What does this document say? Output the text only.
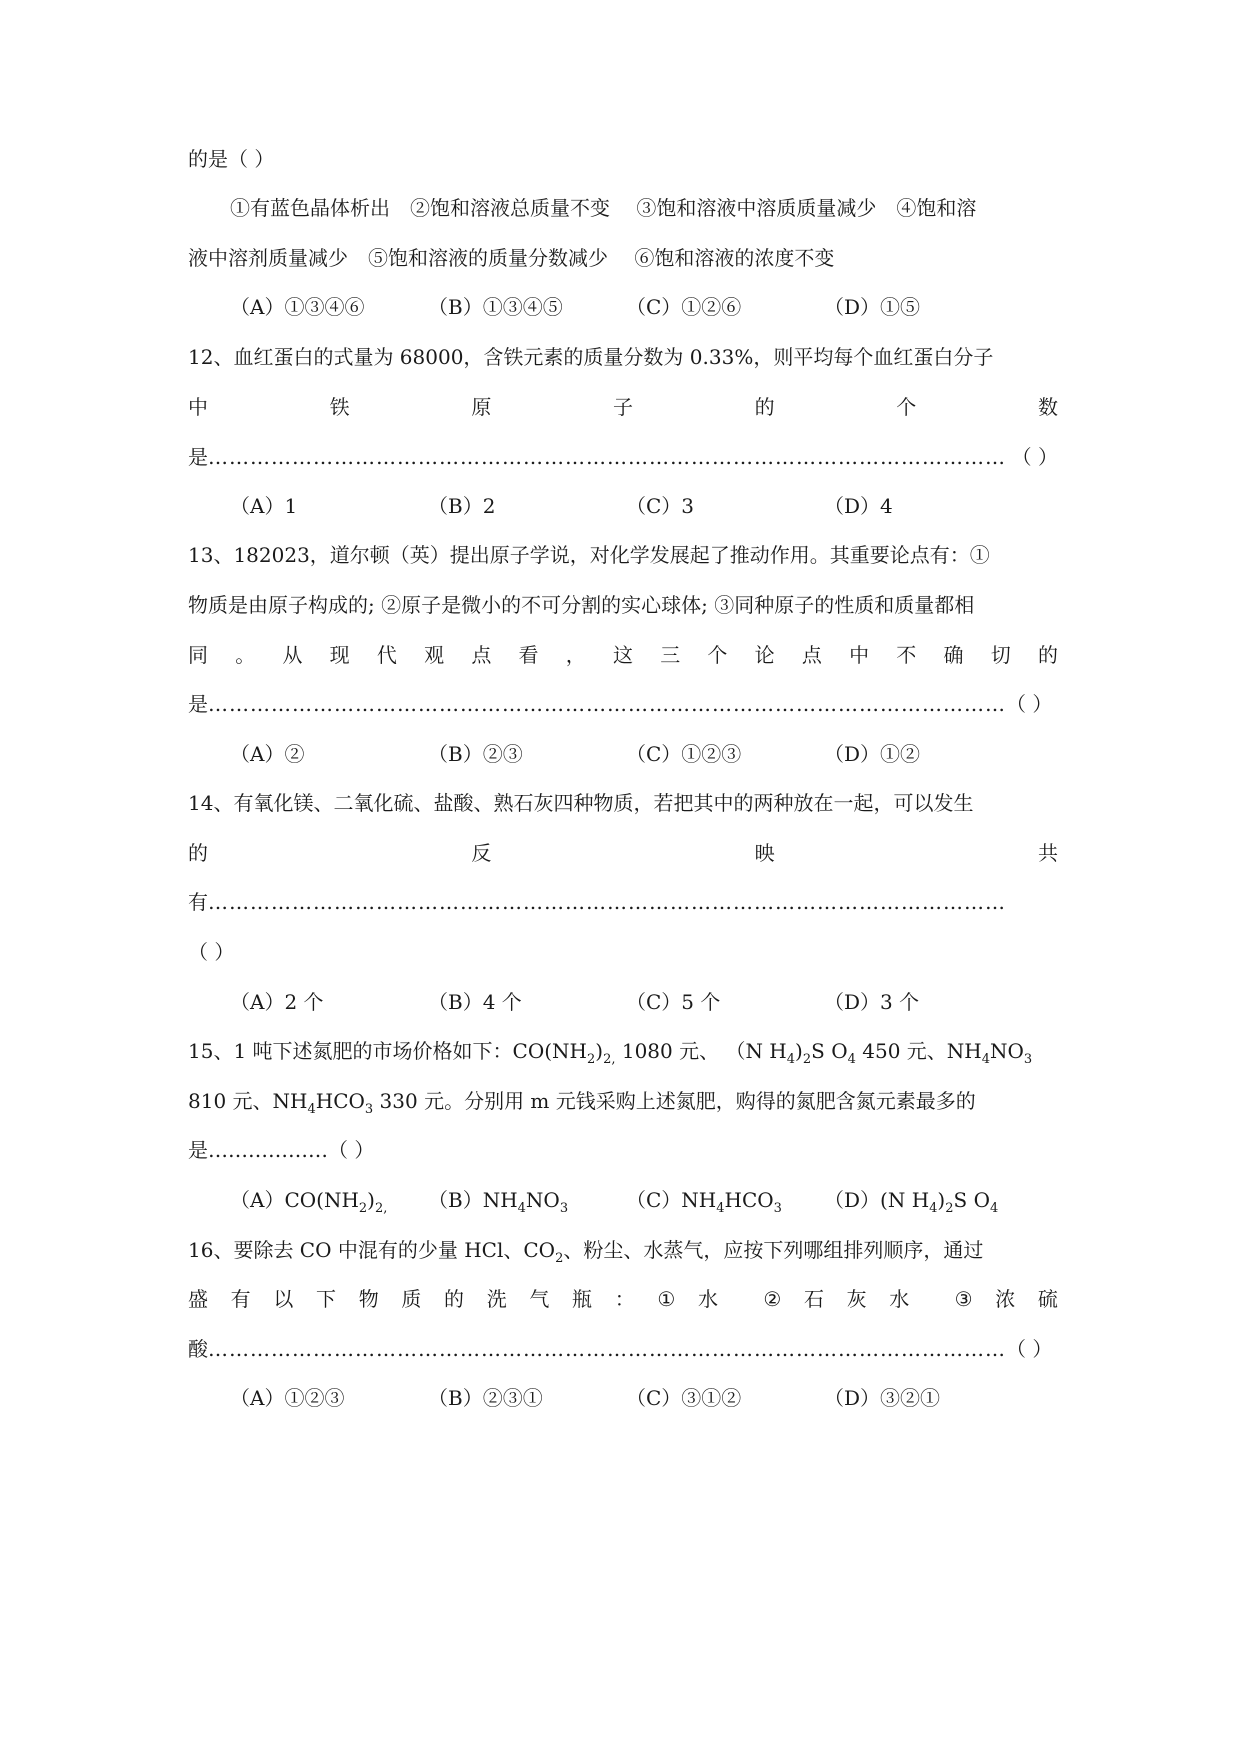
的是（ ）
①有蓝色晶体析出　②饱和溶液总质量不变　 ③饱和溶液中溶质质量减少　④饱和溶
液中溶剂质量减少　⑤饱和溶液的质量分数减少　 ⑥饱和溶液的浓度不变
（A）①③④⑥	（B）①③④⑤	（C）①②⑥	（D）①⑤
12、血红蛋白的式量为 68000，含铁元素的质量分数为 0.33%，则平均每个血红蛋白分子
中	铁	原	子	的	个	数
是 …………………………………………………………………………………………………… （ ）
（A）1	（B）2	（C）3	（D）4
13、182023，道尔顿（英）提出原子学说，对化学发展起了推动作用。其重要论点有：①
物质是由原子构成的; ②原子是微小的不可分割的实心球体; ③同种原子的性质和质量都相
同 。 从 现 代 观 点 看 ， 这 三 个 论 点 中 不 确 切 的
是 …………………………………………………………………………………………………… （ ）
（A）②	（B）②③	（C）①②③	（D）①②
14、有氧化镁、二氧化硫、盐酸、熟石灰四种物质，若把其中的两种放在一起，可以发生
的	反	映	共
有 ……………………………………………………………………………………………………
（ ）
（A）2 个	（B）4 个	（C）5 个	（D）3 个
15、1 吨下述氮肥的市场价格如下：$CO(NH_2)_{2,}$ 1080 元、 （N $H_4)_2S$ $O_4$ 450 元、$NH_4NO_3$
810 元、$NH_4HCO_3$ 330 元。分别用 m 元钱采购上述氮肥，购得的氮肥含氮元素最多的
是………………（ ）
$(A)CO(NH_2)_{2,}$	$(B)NH_4NO_3$	$(C)NH_4HCO_3$	（D）(N $H_4)_2S$ $O_4$
16、要除去 CO 中混有的少量 HCl、$CO_2$、粉尘、水蒸气，应按下列哪组排列顺序，通过
盛 有 以 下 物 质 的 洗 气 瓶 ： ① 水 ② 石 灰 水 ③ 浓 硫
酸 …………………………………………………………………………………………………… （ ）
（A）①②③	（B）②③①	（C）③①②	（D）③②①
